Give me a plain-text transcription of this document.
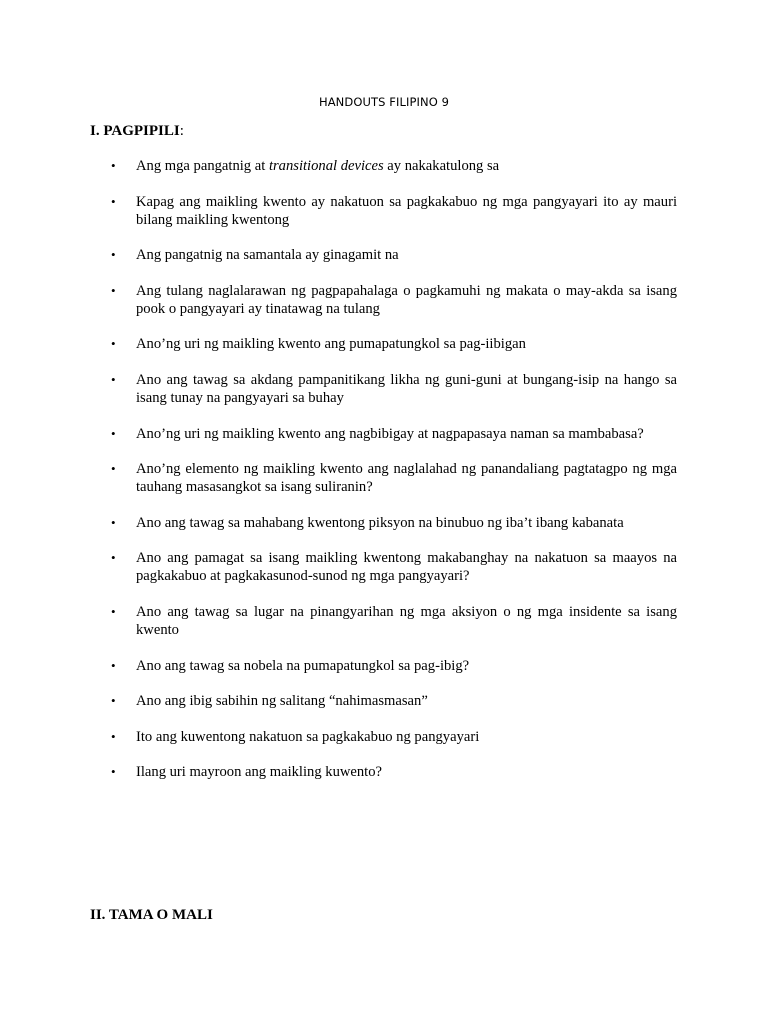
HANDOUTS FILIPINO 9
I. PAGPIPILI:
• Ang mga pangatnig at transitional devices ay nakakatulong sa
• Kapag ang maikling kwento ay nakatuon sa pagkakabuo ng mga pangyayari ito ay mauri bilang maikling kwentong
• Ang pangatnig na samantala ay ginagamit na
• Ang tulang naglalarawan ng pagpapahalaga o pagkamuhi ng makata o may-akda sa isang pook o pangyayari ay tinatawag na tulang
• Ano’ng uri ng maikling kwento ang pumapatungkol sa pag-iibigan
• Ano ang tawag sa akdang pampanitikang likha ng guni-guni at bungang-isip na hango sa isang tunay na pangyayari sa buhay
• Ano’ng uri ng maikling kwento ang nagbibigay at nagpapasaya naman sa mambabasa?
• Ano’ng elemento ng maikling kwento ang naglalahad ng panandaliang pagtatagpo ng mga tauhang masasangkot sa isang suliranin?
• Ano ang tawag sa mahabang kwentong piksyon na binubuo ng iba’t ibang kabanata
• Ano ang pamagat sa isang maikling kwentong makabanghay na nakatuon sa maayos na pagkakabuo at pagkakasunod-sunod ng mga pangyayari?
• Ano ang tawag sa lugar na pinangyarihan ng mga aksiyon o ng mga insidente sa isang kwento
• Ano ang tawag sa nobela na pumapatungkol sa pag-ibig?
• Ano ang ibig sabihin ng salitang “nahimasmasan”
• Ito ang kuwentong nakatuon sa pagkakabuo ng pangyayari
• Ilang uri mayroon ang maikling kuwento?
II. TAMA O MALI
